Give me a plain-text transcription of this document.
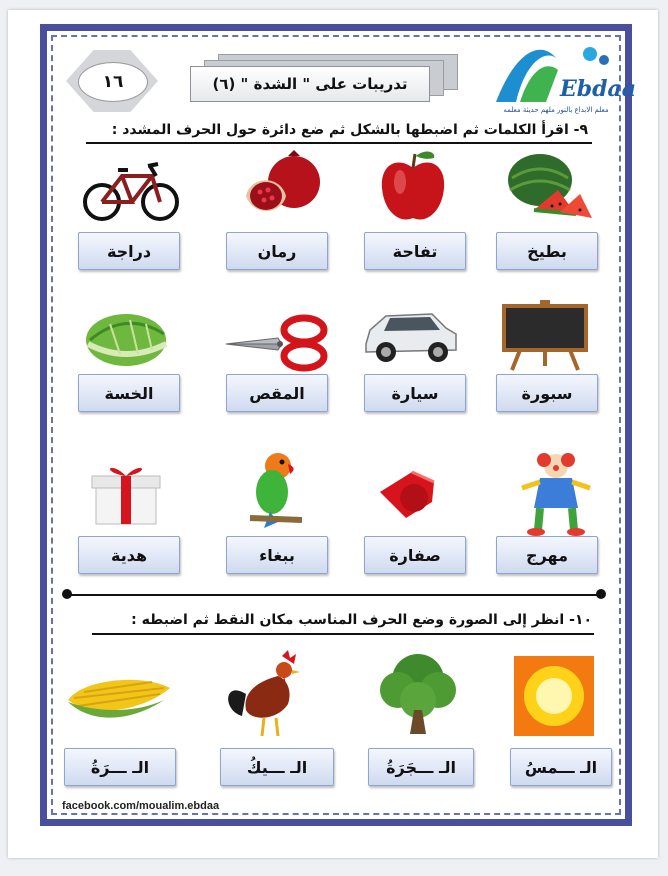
١٦	تدريبات على " الشدة " (٦)	Ebdaa
معلم الابداع بالنور ملهم حديثة معلمه
٩- اقرأ الكلمات ثم اضبطها بالشكل ثم ضع دائرة حول الحرف المشدد :
بطيخ
تفاحة
رمان
دراجة
سبورة
سيارة
المقص
الخسة
مهرج
صفارة
ببغاء
هدية
١٠- انظر إلى الصورة وضع الحرف المناسب مكان النقط ثم اضبطه :
الـ ـــمسُ
الـ ـــجَرَةُ
الـ ـــيكُ
الـ ـــرَةُ
facebook.com/moualim.ebdaa
